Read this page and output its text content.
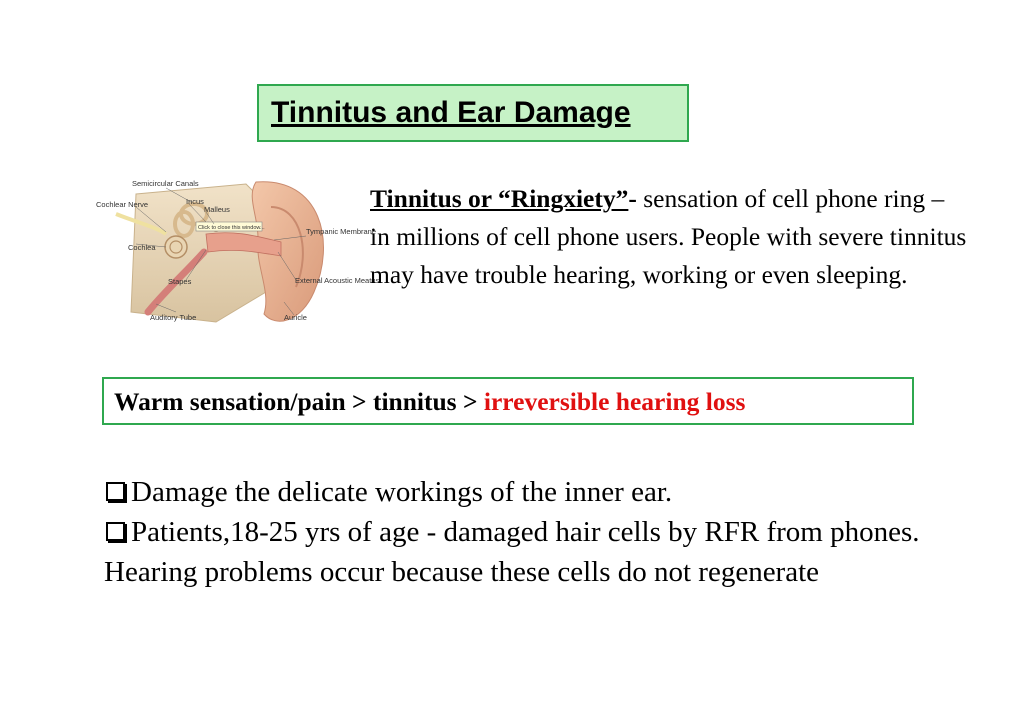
Tinnitus and Ear Damage
Click to close this window...
Semicircular Canals
Cochlear Nerve	Incus
Malleus
Tympanic Membrane
Cochlea
Stapes	External Acoustic Meatus
Auditory Tube	Auricle
Tinnitus or “Ringxiety”- sensation of cell phone ring – in millions of cell phone users. People with severe tinnitus may have trouble hearing, working or even sleeping.
Warm sensation/pain > tinnitus > irreversible hearing loss

Damage the delicate workings of the inner ear.

Patients,18-25 yrs of age - damaged hair cells by RFR from phones. Hearing problems occur because these cells do not regenerate
